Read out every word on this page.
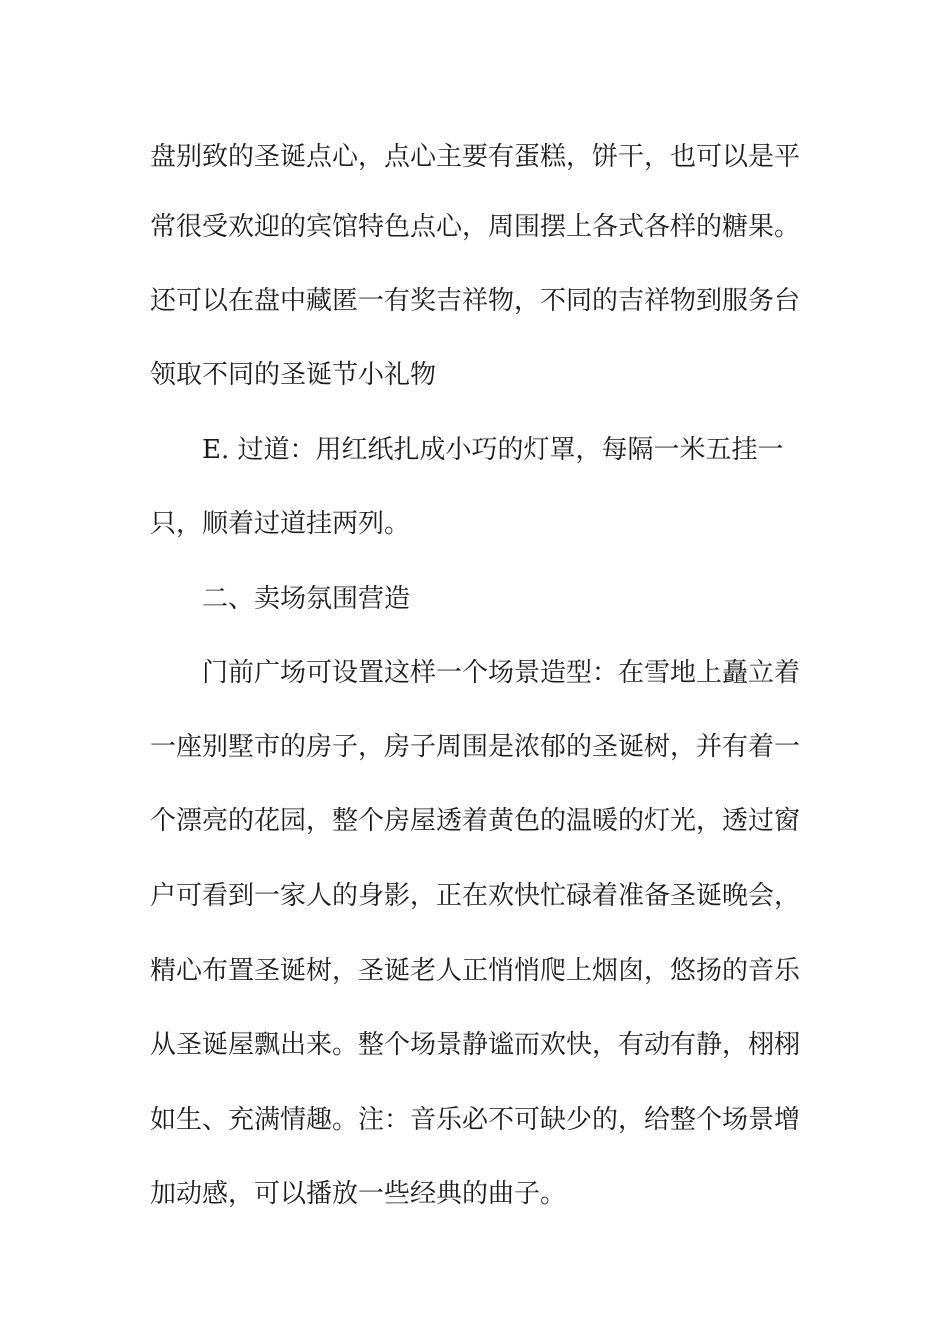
盘别致的圣诞点心，点心主要有蛋糕，饼干，也可以是平
常很受欢迎的宾馆特色点心，周围摆上各式各样的糖果。
还可以在盘中藏匿一有奖吉祥物，不同的吉祥物到服务台
领取不同的圣诞节小礼物
E. 过道：用红纸扎成小巧的灯罩，每隔一米五挂一
只，顺着过道挂两列。
二、卖场氛围营造
门前广场可设置这样一个场景造型：在雪地上矗立着
一座别墅市的房子，房子周围是浓郁的圣诞树，并有着一
个漂亮的花园，整个房屋透着黄色的温暖的灯光，透过窗
户可看到一家人的身影，正在欢快忙碌着准备圣诞晚会，
精心布置圣诞树，圣诞老人正悄悄爬上烟囱，悠扬的音乐
从圣诞屋飘出来。整个场景静谧而欢快，有动有静，栩栩
如生、充满情趣。注：音乐必不可缺少的，给整个场景增
加动感，可以播放一些经典的曲子。
